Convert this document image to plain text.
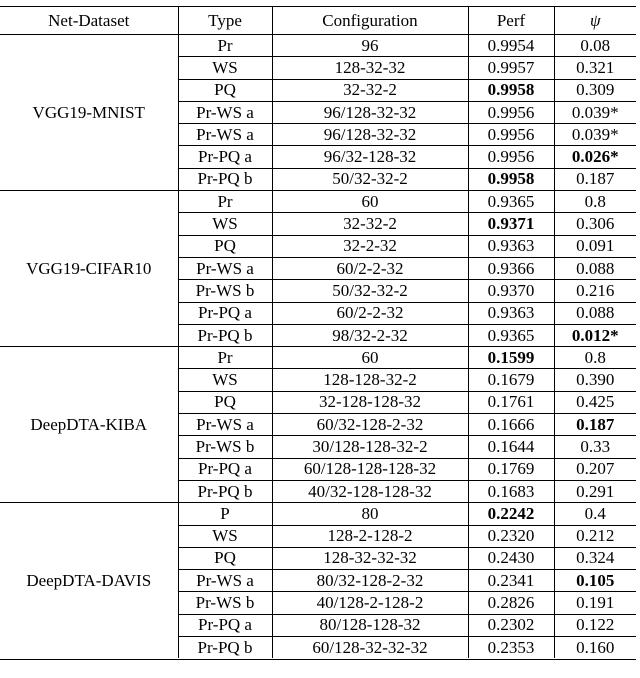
Net-Dataset	Type	Configuration	Perf	ψ
VGG19-MNIST	Pr	96	0.9954	0.08
	WS	128-32-32	0.9957	0.321
	PQ	32-32-2	0.9958	0.309
	Pr-WS a	96/128-32-32	0.9956	0.039*
	Pr-WS a	96/128-32-32	0.9956	0.039*
	Pr-PQ a	96/32-128-32	0.9956	0.026*
	Pr-PQ b	50/32-32-2	0.9958	0.187
VGG19-CIFAR10	Pr	60	0.9365	0.8
	WS	32-32-2	0.9371	0.306
	PQ	32-2-32	0.9363	0.091
	Pr-WS a	60/2-2-32	0.9366	0.088
	Pr-WS b	50/32-32-2	0.9370	0.216
	Pr-PQ a	60/2-2-32	0.9363	0.088
	Pr-PQ b	98/32-2-32	0.9365	0.012*
DeepDTA-KIBA	Pr	60	0.1599	0.8
	WS	128-128-32-2	0.1679	0.390
	PQ	32-128-128-32	0.1761	0.425
	Pr-WS a	60/32-128-2-32	0.1666	0.187
	Pr-WS b	30/128-128-32-2	0.1644	0.33
	Pr-PQ a	60/128-128-128-32	0.1769	0.207
	Pr-PQ b	40/32-128-128-32	0.1683	0.291
DeepDTA-DAVIS	P	80	0.2242	0.4
	WS	128-2-128-2	0.2320	0.212
	PQ	128-32-32-32	0.2430	0.324
	Pr-WS a	80/32-128-2-32	0.2341	0.105
	Pr-WS b	40/128-2-128-2	0.2826	0.191
	Pr-PQ a	80/128-128-32	0.2302	0.122
	Pr-PQ b	60/128-32-32-32	0.2353	0.160
